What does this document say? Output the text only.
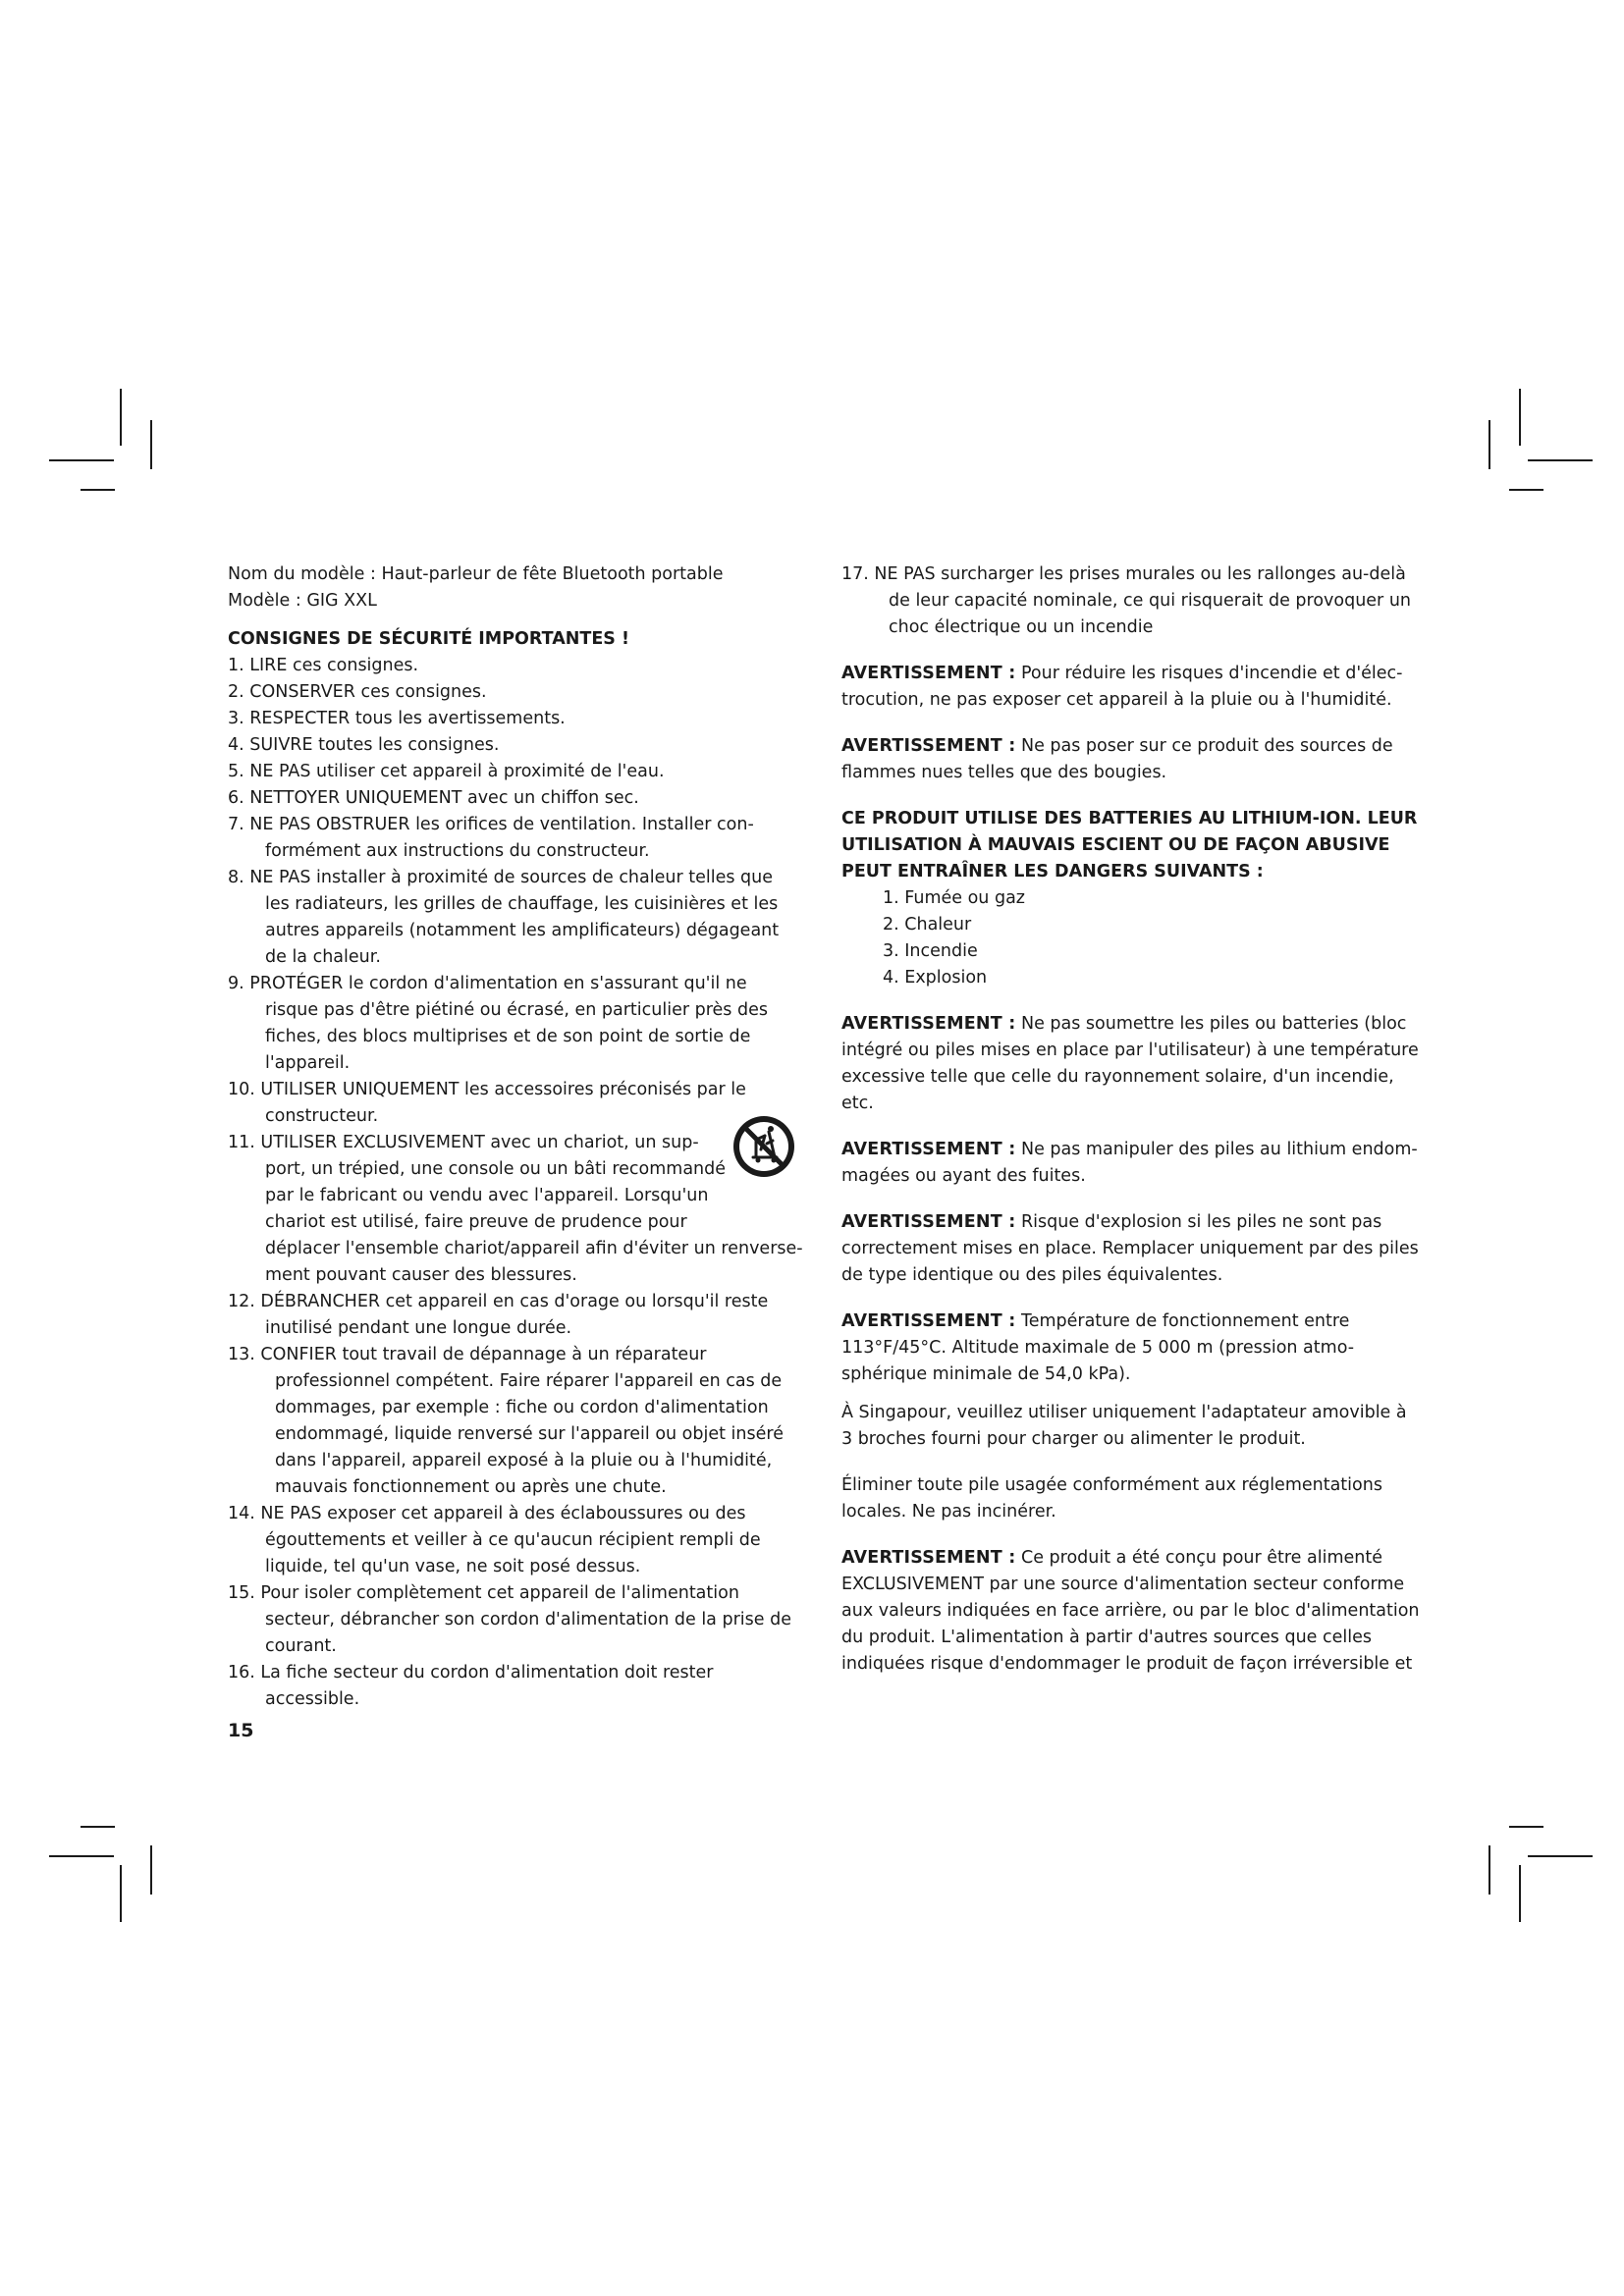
Nom du modèle : Haut-parleur de fête Bluetooth portable

Modèle : GIG XXL

CONSIGNES DE SÉCURITÉ IMPORTANTES !

1. LIRE ces consignes.

2. CONSERVER ces consignes.

3. RESPECTER tous les avertissements.

4. SUIVRE toutes les consignes.

5. NE PAS utiliser cet appareil à proximité de l'eau.

6. NETTOYER UNIQUEMENT avec un chiffon sec.

7. NE PAS OBSTRUER les orifices de ventilation. Installer con-
formément aux instructions du constructeur.
8. NE PAS installer à proximité de sources de chaleur telles que
les radiateurs, les grilles de chauffage, les cuisinières et les
autres appareils (notamment les amplificateurs) dégageant
de la chaleur.
9. PROTÉGER le cordon d'alimentation en s'assurant qu'il ne
risque pas d'être piétiné ou écrasé, en particulier près des
fiches, des blocs multiprises et de son point de sortie de
l'appareil.
10. UTILISER UNIQUEMENT les accessoires préconisés par le
constructeur.
11. UTILISER EXCLUSIVEMENT avec un chariot, un sup-
port, un trépied, une console ou un bâti recommandé
par le fabricant ou vendu avec l'appareil. Lorsqu'un
chariot est utilisé, faire preuve de prudence pour
déplacer l'ensemble chariot/appareil afin d'éviter un renverse-
ment pouvant causer des blessures.
12. DÉBRANCHER cet appareil en cas d'orage ou lorsqu'il reste
inutilisé pendant une longue durée.
13. CONFIER tout travail de dépannage à un réparateur
professionnel compétent. Faire réparer l'appareil en cas de
dommages, par exemple : fiche ou cordon d'alimentation
endommagé, liquide renversé sur l'appareil ou objet inséré
dans l'appareil, appareil exposé à la pluie ou à l'humidité,
mauvais fonctionnement ou après une chute.
14. NE PAS exposer cet appareil à des éclaboussures ou des
égouttements et veiller à ce qu'aucun récipient rempli de
liquide, tel qu'un vase, ne soit posé dessus.
15. Pour isoler complètement cet appareil de l'alimentation
secteur, débrancher son cordon d'alimentation de la prise de
courant.
16. La fiche secteur du cordon d'alimentation doit rester
accessible.
17. NE PAS surcharger les prises murales ou les rallonges au-delà
de leur capacité nominale, ce qui risquerait de provoquer un
choc électrique ou un incendie
AVERTISSEMENT : Pour réduire les risques d'incendie et d'élec-
trocution, ne pas exposer cet appareil à la pluie ou à l'humidité.
AVERTISSEMENT : Ne pas poser sur ce produit des sources de
flammes nues telles que des bougies.
CE PRODUIT UTILISE DES BATTERIES AU LITHIUM-ION. LEUR
UTILISATION À MAUVAIS ESCIENT OU DE FAÇON ABUSIVE
PEUT ENTRAÎNER LES DANGERS SUIVANTS :
1. Fumée ou gaz
2. Chaleur
3. Incendie
4. Explosion
AVERTISSEMENT : Ne pas soumettre les piles ou batteries (bloc
intégré ou piles mises en place par l'utilisateur) à une température
excessive telle que celle du rayonnement solaire, d'un incendie, etc.
AVERTISSEMENT : Ne pas manipuler des piles au lithium endom-
magées ou ayant des fuites.
AVERTISSEMENT : Risque d'explosion si les piles ne sont pas
correctement mises en place. Remplacer uniquement par des piles
de type identique ou des piles équivalentes.
AVERTISSEMENT : Température de fonctionnement entre
113°F/45°C. Altitude maximale de 5 000 m (pression atmo-
sphérique minimale de 54,0 kPa).
À Singapour, veuillez utiliser uniquement l'adaptateur amovible à
3 broches fourni pour charger ou alimenter le produit.
Éliminer toute pile usagée conformément aux réglementations
locales. Ne pas incinérer.
AVERTISSEMENT : Ce produit a été conçu pour être alimenté
EXCLUSIVEMENT par une source d'alimentation secteur conforme
aux valeurs indiquées en face arrière, ou par le bloc d'alimentation
du produit. L'alimentation à partir d'autres sources que celles
indiquées risque d'endommager le produit de façon irréversible et
15
